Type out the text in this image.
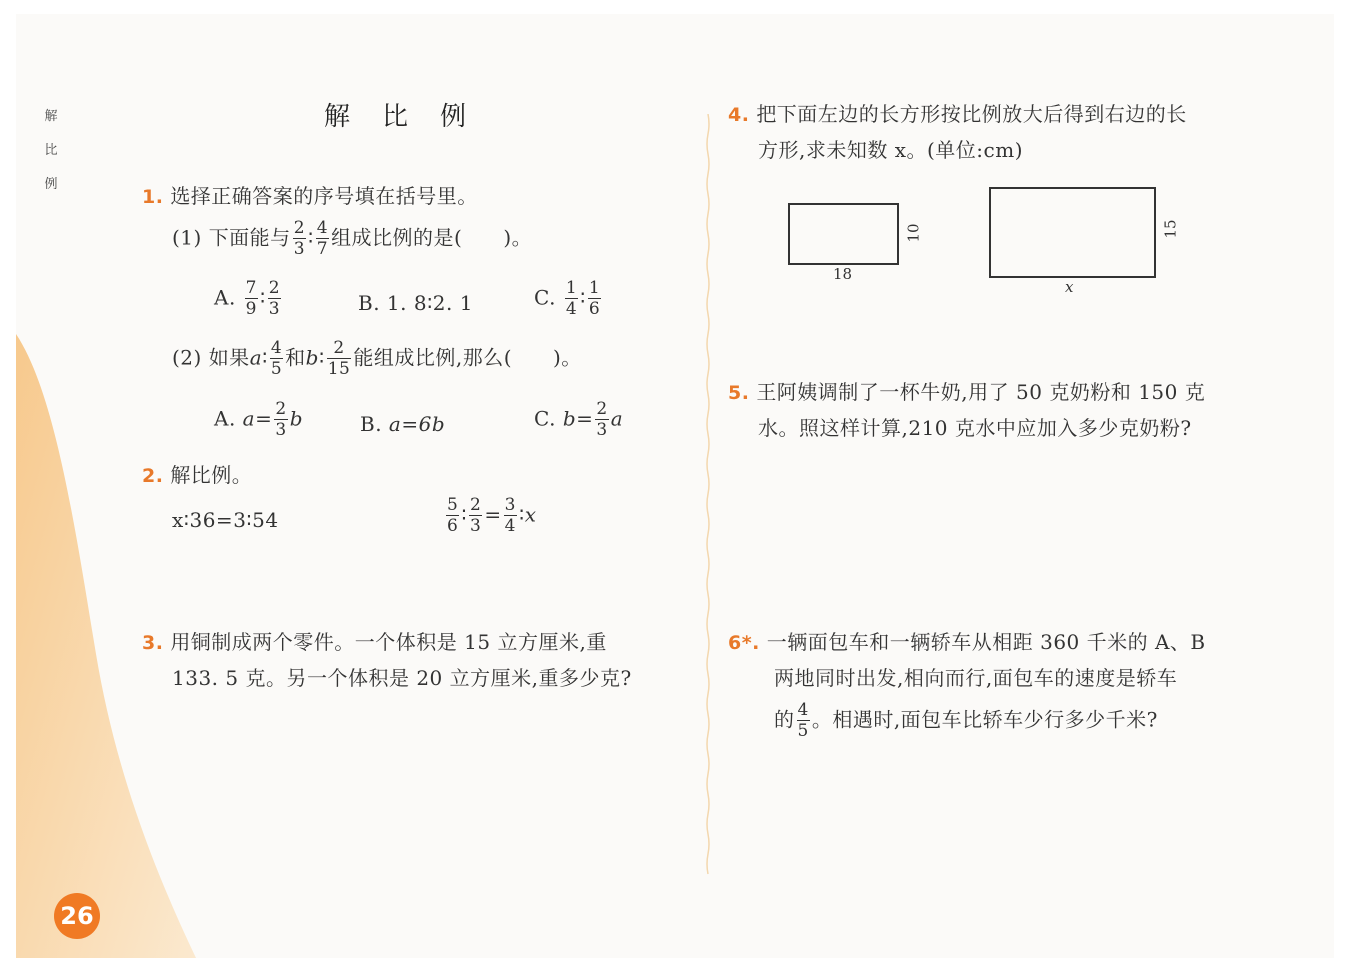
解
比
例
解 比 例
1. 选择正确答案的序号填在括号里。
(1) 下面能与 $\frac{2}{3}$ ∶ $\frac{4}{7}$ 组成比例的是(　　)。
A. $\frac{7}{9}$ ∶ $\frac{2}{3}$	B. 1. 8∶2. 1	C. $\frac{1}{4}$ ∶ $\frac{1}{6}$
(2) 如果a∶ $\frac{4}{5}$ 和b∶ $\frac{2}{15}$ 能组成比例,那么(　　)。
A. $a= \frac{2}{3}$ b	B. a=6b	C. $b= \frac{2}{3}$ a
2. 解比例。
x∶36=3∶54	$\frac{5}{6}$ ∶ $\frac{2}{3} = \frac{3}{4}$ ∶x
3. 用铜制成两个零件。一个体积是 15 立方厘米,重
133. 5 克。另一个体积是 20 立方厘米,重多少克?
4. 把下面左边的长方形按比例放大后得到右边的长
方形,求未知数 x。(单位:cm)
18
10
x
15
5. 王阿姨调制了一杯牛奶,用了 50 克奶粉和 150 克
水。照这样计算,210 克水中应加入多少克奶粉?
6*. 一辆面包车和一辆轿车从相距 360 千米的 A、B
两地同时出发,相向而行,面包车的速度是轿车
的 $\frac{4}{5}$ 。相遇时,面包车比轿车少行多少千米?
26
